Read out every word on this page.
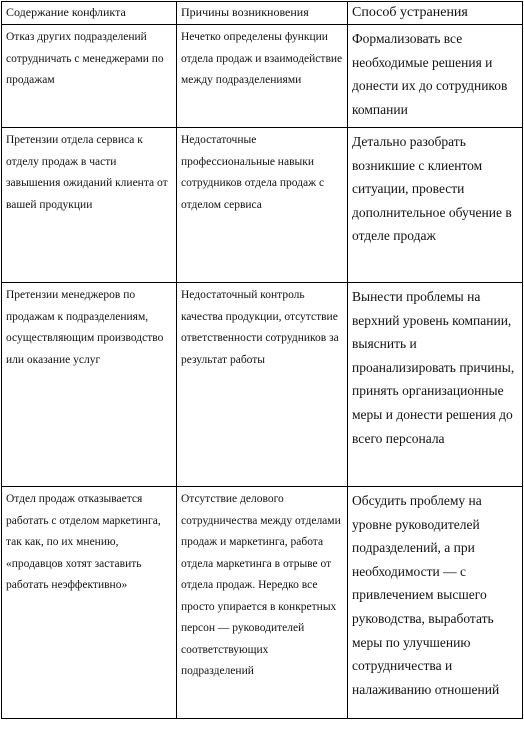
Содержание конфликта	Причины возникновения	Способ устранения
Отказ других подразделений сотрудничать с менеджерами по продажам	Нечетко определены функции отдела продаж и взаимодействие между подразделениями	Формализовать все необходимые решения и донести их до сотрудников компании
Претензии отдела сервиса к отделу продаж в части завышения ожиданий клиента от вашей продукции	Недостаточные профессиональные навыки сотрудников отдела продаж с отделом сервиса	Детально разобрать возникшие с клиентом ситуации, провести дополнительное обучение в отделе продаж
Претензии менеджеров по продажам к подразделениям, осуществляющим производство или оказание услуг	Недостаточный контроль качества продукции, отсутствие ответственности сотрудников за результат работы	Вынести проблемы на верхний уровень компании, выяснить и проанализировать причины, принять организационные меры и донести решения до всего персонала
Отдел продаж отказывается работать с отделом маркетинга, так как, по их мнению, «продавцов хотят заставить работать неэффективно»	Отсутствие делового сотрудничества между отделами продаж и маркетинга, работа отдела маркетинга в отрыве от отдела продаж. Нередко все просто упирается в конкретных персон — руководителей соответствующих подразделений	Обсудить проблему на уровне руководителей подразделений, а при необходимости — с привлечением высшего руководства, выработать меры по улучшению сотрудничества и налаживанию отношений
